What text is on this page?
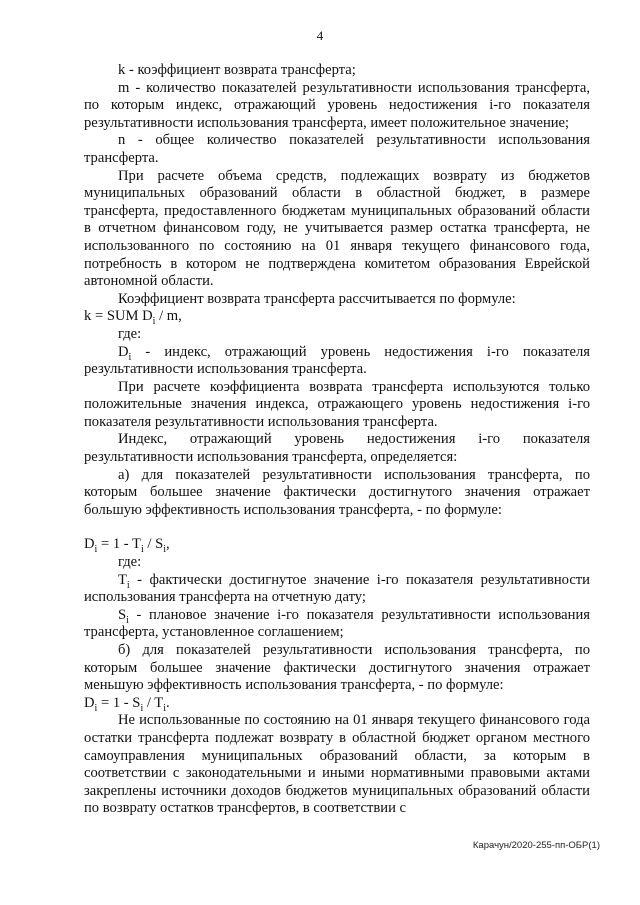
4

k - коэффициент возврата трансферта;

m - количество показателей результативности использования трансферта, по которым индекс, отражающий уровень недостижения i-го показателя результативности использования трансферта, имеет положительное значение;

n - общее количество показателей результативности использования трансферта.

При расчете объема средств, подлежащих возврату из бюджетов муниципальных образований области в областной бюджет, в размере трансферта, предоставленного бюджетам муниципальных образований области в отчетном финансовом году, не учитывается размер остатка трансферта, не использованного по состоянию на 01 января текущего финансового года, потребность в котором не подтверждена комитетом образования Еврейской автономной области.

Коэффициент возврата трансферта рассчитывается по формуле:

k = SUM $D_i$ / m,

где:

$D_i$ - индекс, отражающий уровень недостижения i-го показателя результативности использования трансферта.

При расчете коэффициента возврата трансферта используются только положительные значения индекса, отражающего уровень недостижения i-го показателя результативности использования трансферта.

Индекс, отражающий уровень недостижения i-го показателя результативности использования трансферта, определяется:

а) для показателей результативности использования трансферта, по которым большее значение фактически достигнутого значения отражает большую эффективность использования трансферта, - по формуле:

$D_i = 1 - T_i / S_i$,

где:

$T_i$ - фактически достигнутое значение i-го показателя результативности использования трансферта на отчетную дату;

$S_i$ - плановое значение i-го показателя результативности использования трансферта, установленное соглашением;

б) для показателей результативности использования трансферта, по которым большее значение фактически достигнутого значения отражает меньшую эффективность использования трансферта, - по формуле:

$D_i = 1 - S_i / T_i$.

Не использованные по состоянию на 01 января текущего финансового года остатки трансферта подлежат возврату в областной бюджет органом местного самоуправления муниципальных образований области, за которым в соответствии с законодательными и иными нормативными правовыми актами закреплены источники доходов бюджетов муниципальных образований области по возврату остатков трансфертов, в соответствии с

Карачун/2020-255-пп-ОБР(1)
